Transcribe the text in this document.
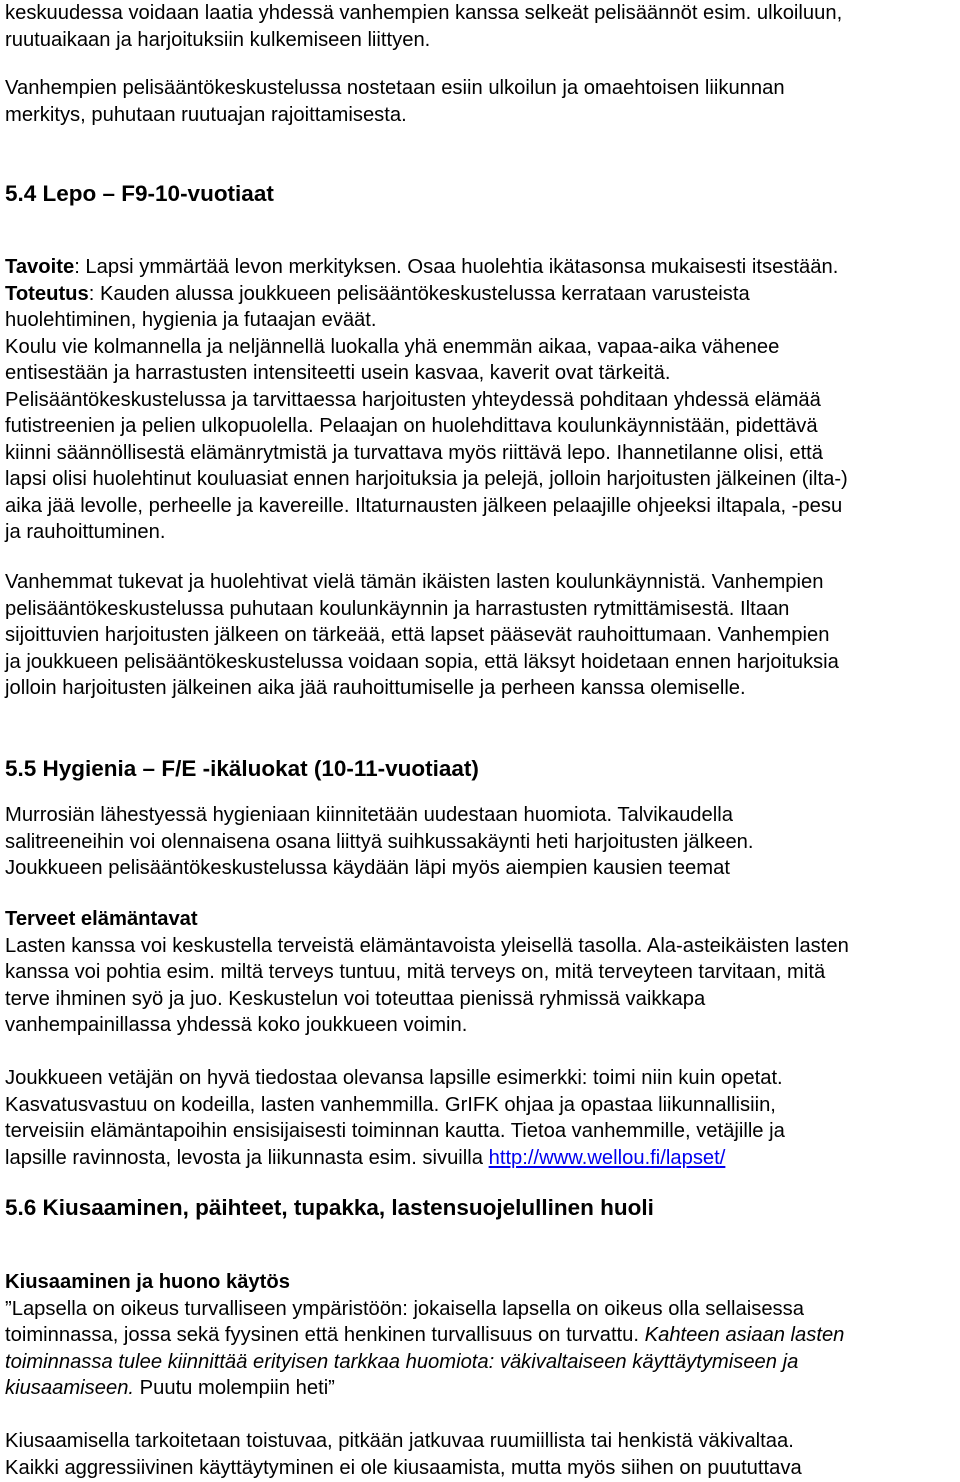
keskuudessa voidaan laatia yhdessä vanhempien kanssa selkeät pelisäännöt esim. ulkoiluun,
ruutuaikaan ja harjoituksiin kulkemiseen liittyen.

Vanhempien pelisääntökeskustelussa nostetaan esiin ulkoilun ja omaehtoisen liikunnan
merkitys, puhutaan ruutuajan rajoittamisesta.

5.4 Lepo – F9-10-vuotiaat

Tavoite: Lapsi ymmärtää levon merkityksen. Osaa huolehtia ikätasonsa mukaisesti itsestään.
Toteutus: Kauden alussa joukkueen pelisääntökeskustelussa kerrataan varusteista
huolehtiminen, hygienia ja futaajan eväät.
Koulu vie kolmannella ja neljännellä luokalla yhä enemmän aikaa, vapaa-aika vähenee
entisestään ja harrastusten intensiteetti usein kasvaa, kaverit ovat tärkeitä.
Pelisääntökeskustelussa ja tarvittaessa harjoitusten yhteydessä pohditaan yhdessä elämää
futistreenien ja pelien ulkopuolella. Pelaajan on huolehdittava koulunkäynnistään, pidettävä
kiinni säännöllisestä elämänrytmistä ja turvattava myös riittävä lepo. Ihannetilanne olisi, että
lapsi olisi huolehtinut kouluasiat ennen harjoituksia ja pelejä, jolloin harjoitusten jälkeinen (ilta-)
aika jää levolle, perheelle ja kavereille. Iltaturnausten jälkeen pelaajille ohjeeksi iltapala, -pesu
ja rauhoittuminen.

Vanhemmat tukevat ja huolehtivat vielä tämän ikäisten lasten koulunkäynnistä. Vanhempien
pelisääntökeskustelussa puhutaan koulunkäynnin ja harrastusten rytmittämisestä. Iltaan
sijoittuvien harjoitusten jälkeen on tärkeää, että lapset pääsevät rauhoittumaan. Vanhempien
ja joukkueen pelisääntökeskustelussa voidaan sopia, että läksyt hoidetaan ennen harjoituksia
jolloin harjoitusten jälkeinen aika jää rauhoittumiselle ja perheen kanssa olemiselle.

5.5 Hygienia – F/E -ikäluokat (10-11-vuotiaat)

Murrosiän lähestyessä hygieniaan kiinnitetään uudestaan huomiota. Talvikaudella
salitreeneihin voi olennaisena osana liittyä suihkussakäynti heti harjoitusten jälkeen.
Joukkueen pelisääntökeskustelussa käydään läpi myös aiempien kausien teemat

Terveet elämäntavat
Lasten kanssa voi keskustella terveistä elämäntavoista yleisellä tasolla. Ala-asteikäisten lasten
kanssa voi pohtia esim. miltä terveys tuntuu, mitä terveys on, mitä terveyteen tarvitaan, mitä
terve ihminen syö ja juo. Keskustelun voi toteuttaa pienissä ryhmissä vaikkapa
vanhempainillassa yhdessä koko joukkueen voimin.

Joukkueen vetäjän on hyvä tiedostaa olevansa lapsille esimerkki: toimi niin kuin opetat.
Kasvatusvastuu on kodeilla, lasten vanhemmilla. GrIFK ohjaa ja opastaa liikunnallisiin,
terveisiin elämäntapoihin ensisijaisesti toiminnan kautta. Tietoa vanhemmille, vetäjille ja
lapsille ravinnosta, levosta ja liikunnasta esim. sivuilla http://www.wellou.fi/lapset/

5.6 Kiusaaminen, päihteet, tupakka, lastensuojelullinen huoli

Kiusaaminen ja huono käytös
”Lapsella on oikeus turvalliseen ympäristöön: jokaisella lapsella on oikeus olla sellaisessa
toiminnassa, jossa sekä fyysinen että henkinen turvallisuus on turvattu. Kahteen asiaan lasten
toiminnassa tulee kiinnittää erityisen tarkkaa huomiota: väkivaltaiseen käyttäytymiseen ja
kiusaamiseen. Puutu molempiin heti”

Kiusaamisella tarkoitetaan toistuvaa, pitkään jatkuvaa ruumiillista tai henkistä väkivaltaa.
Kaikki aggressiivinen käyttäytyminen ei ole kiusaamista, mutta myös siihen on puututtava
